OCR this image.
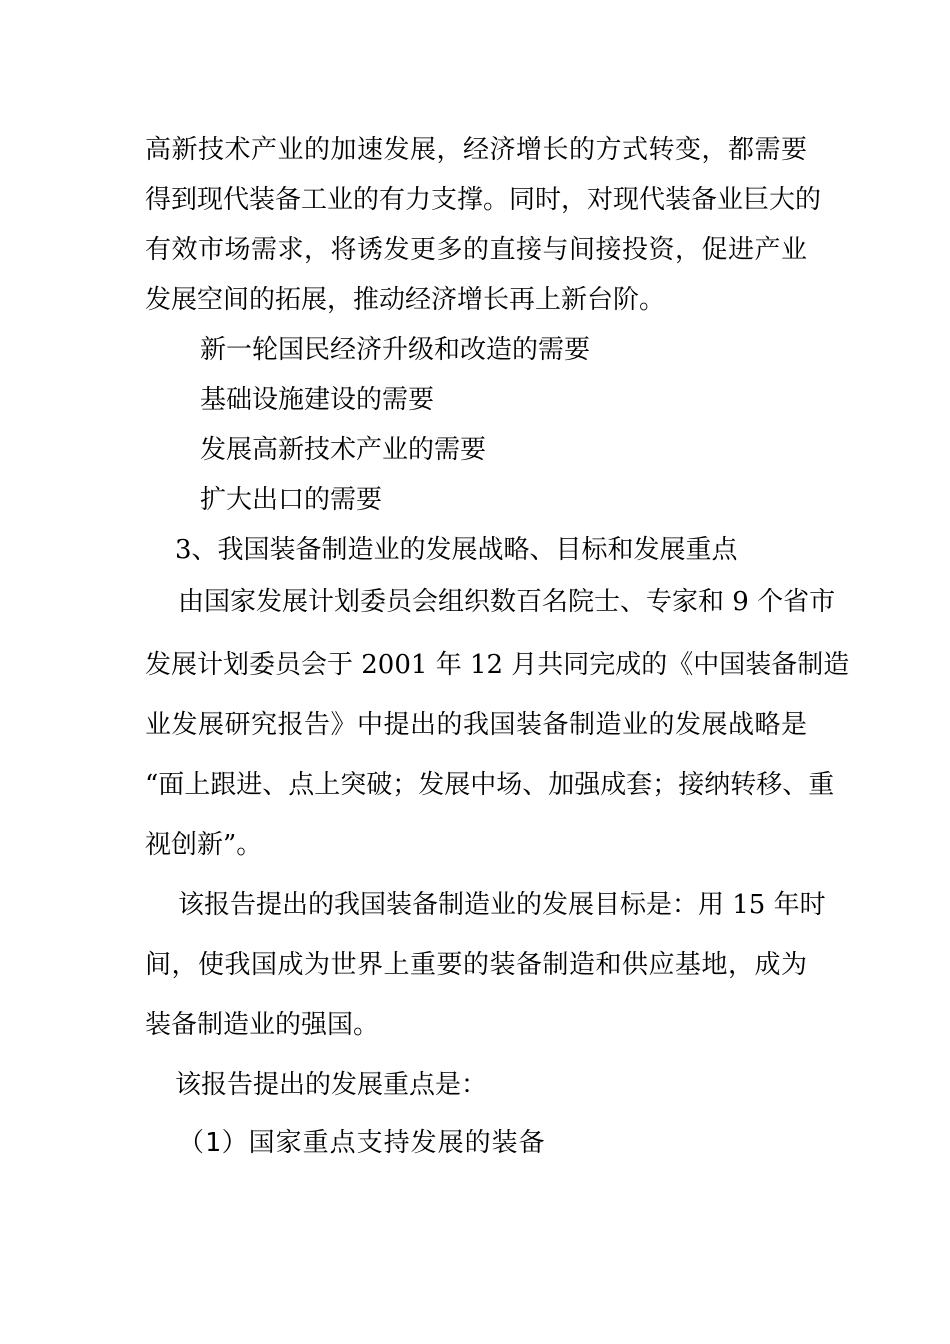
高新技术产业的加速发展，经济增长的方式转变，都需要
得到现代装备工业的有力支撑。同时，对现代装备业巨大的
有效市场需求，将诱发更多的直接与间接投资，促进产业
发展空间的拓展，推动经济增长再上新台阶。
新一轮国民经济升级和改造的需要
基础设施建设的需要
发展高新技术产业的需要
扩大出口的需要
3、我国装备制造业的发展战略、目标和发展重点
由国家发展计划委员会组织数百名院士、专家和 9 个省市
发展计划委员会于 2001 年 12 月共同完成的《中国装备制造
业发展研究报告》中提出的我国装备制造业的发展战略是
“面上跟进、点上突破；发展中场、加强成套；接纳转移、重
视创新”。
该报告提出的我国装备制造业的发展目标是：用 15 年时
间，使我国成为世界上重要的装备制造和供应基地，成为
装备制造业的强国。
该报告提出的发展重点是：
（1）国家重点支持发展的装备
